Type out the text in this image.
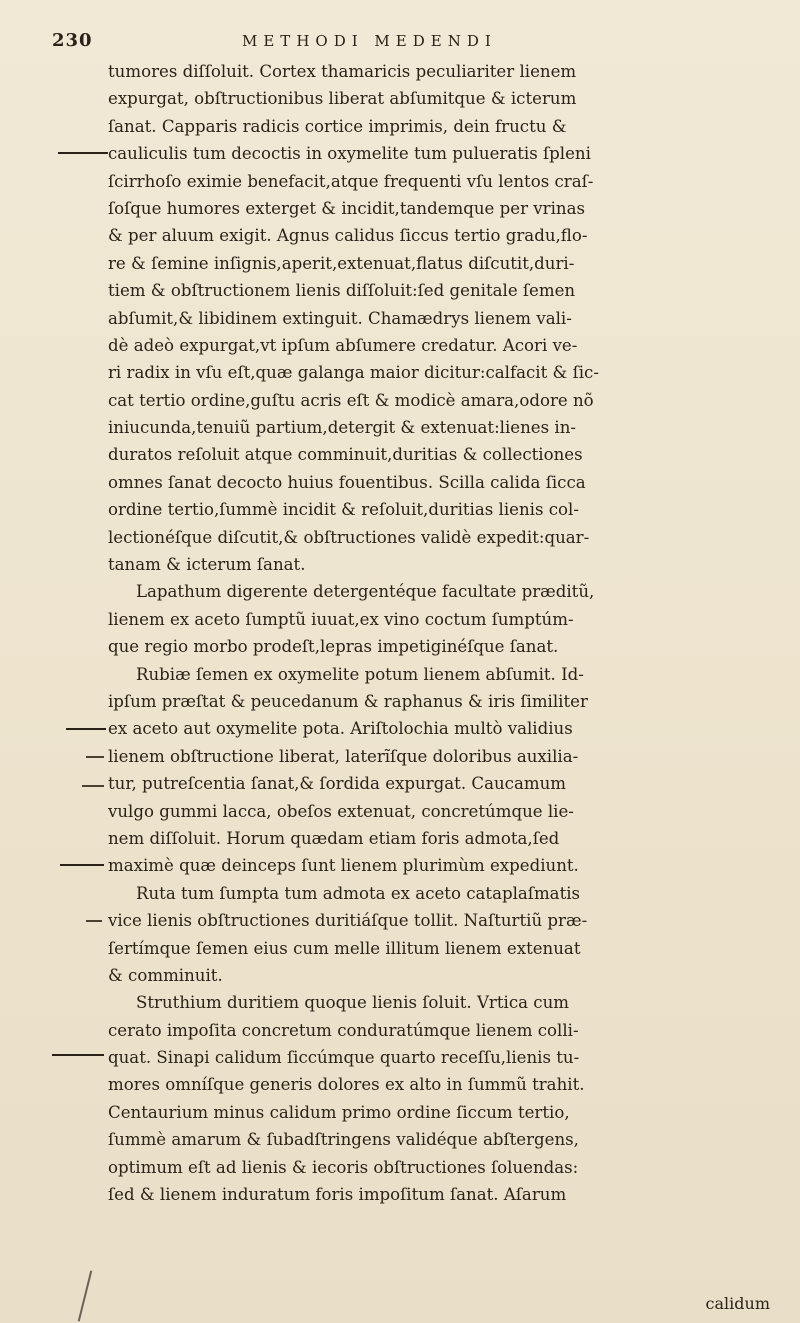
230	METHODI MEDENDI
tumores diſſoluit. Cortex thamaricis peculiariter lienem
expurgat, obſtructionibus liberat abſumitque & icterum
ſanat. Capparis radicis cortice imprimis, dein fructu &
cauliculis tum decoctis in oxymelite tum pulueratis ſpleni
ſcirrhoſo eximie benefacit,atque frequenti vſu lentos craſ-
ſoſque humores exterget & incidit,tandemque per vrinas
& per aluum exigit. Agnus calidus ſiccus tertio gradu,flo-
re & ſemine inſignis,aperit,extenuat,flatus diſcutit,duri-
tiem & obſtructionem lienis diſſoluit:ſed genitale ſemen
abſumit,& libidinem extinguit. Chamædrys lienem vali-
dè adeò expurgat,vt ipſum abſumere credatur. Acori ve-
ri radix in vſu eſt,quæ galanga maior dicitur:calfacit & ſic-
cat tertio ordine,guſtu acris eſt & modicè amara,odore nõ
iniucunda,tenuiũ partium,detergit & extenuat:lienes in-
duratos reſoluit atque comminuit,duritias & collectiones
omnes ſanat decocto huius fouentibus. Scilla calida ſicca
ordine tertio,ſummè incidit & reſoluit,duritias lienis col-
lectionéſque diſcutit,& obſtructiones validè expedit:quar-
tanam & icterum ſanat.
Lapathum digerente detergentéque facultate præditũ,
lienem ex aceto ſumptũ iuuat,ex vino coctum ſumptúm-
que regio morbo prodeſt,lepras impetiginéſque ſanat.
Rubiæ ſemen ex oxymelite potum lienem abſumit. Id-
ipſum præſtat & peucedanum & raphanus & iris ſimiliter
ex aceto aut oxymelite pota. Ariſtolochia multò validius
lienem obſtructione liberat, laterĩſque doloribus auxilia-
tur, putreſcentia ſanat,& ſordida expurgat. Caucamum
vulgo gummi lacca, obeſos extenuat, concretúmque lie-
nem diſſoluit. Horum quædam etiam foris admota,ſed
maximè quæ deinceps ſunt lienem plurimùm expediunt.
Ruta tum ſumpta tum admota ex aceto cataplaſmatis
vice lienis obſtructiones duritiáſque tollit. Naſturtiũ præ-
ſertímque ſemen eius cum melle illitum lienem extenuat
& comminuit.
Struthium duritiem quoque lienis ſoluit. Vrtica cum
cerato impoſita concretum conduratúmque lienem colli-
quat. Sinapi calidum ſiccúmque quarto receſſu,lienis tu-
mores omníſque generis dolores ex alto in ſummũ trahit.
Centaurium minus calidum primo ordine ſiccum tertio,
ſummè amarum & ſubadſtringens validéque abſtergens,
optimum eſt ad lienis & iecoris obſtructiones ſoluendas:
ſed & lienem induratum foris impoſitum ſanat. Aſarum
calidum
